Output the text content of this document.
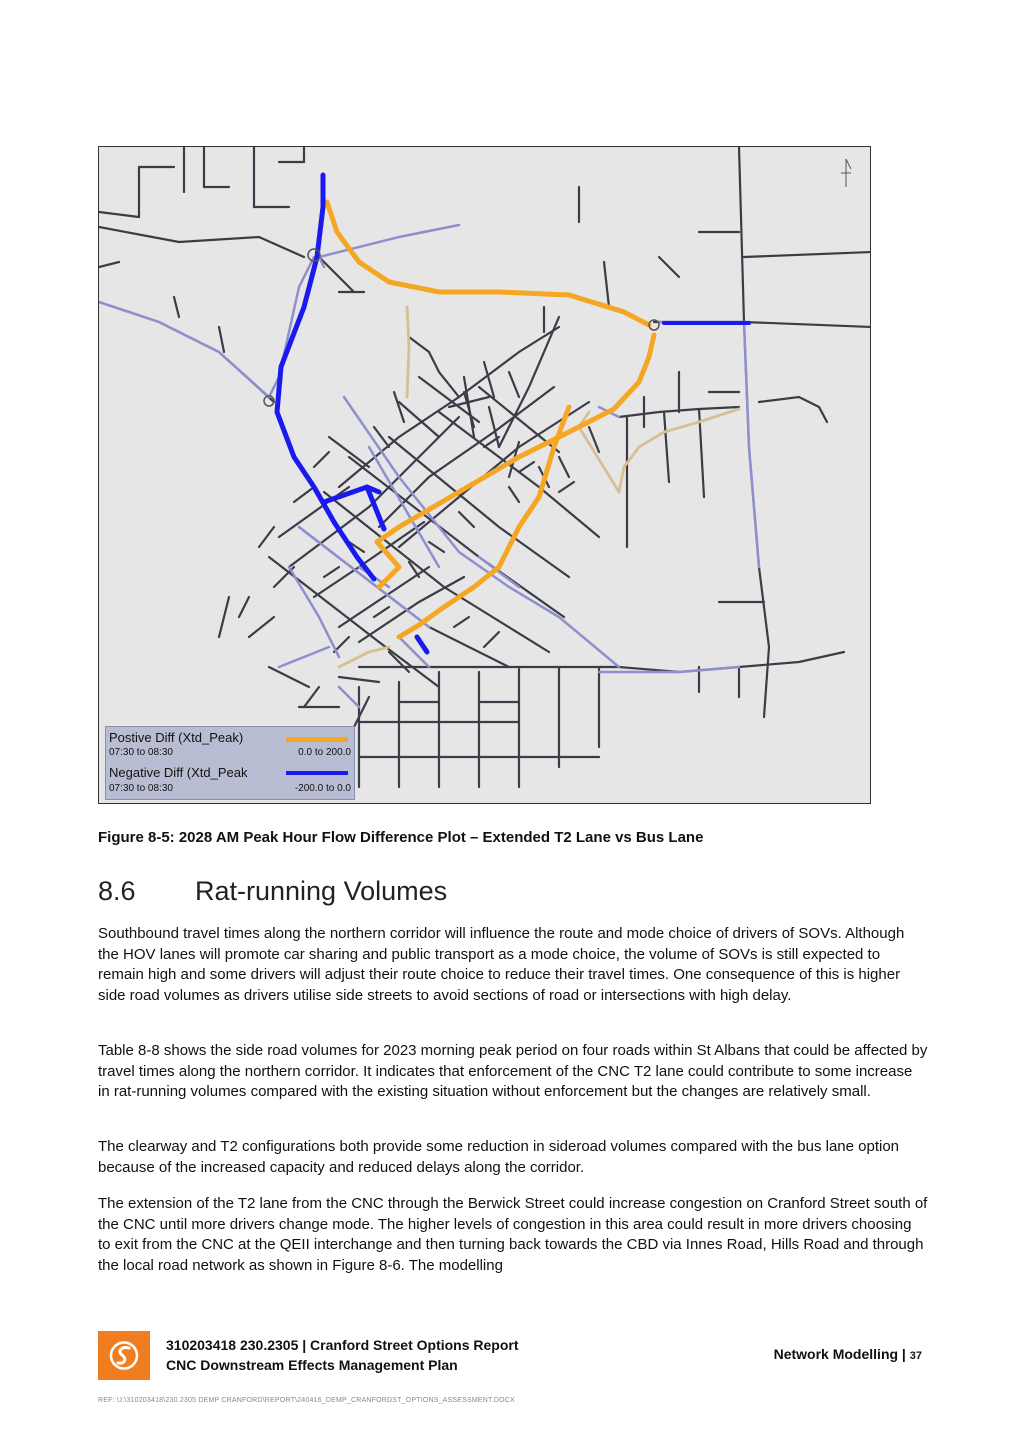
Postive Diff (Xtd_Peak)
07:30 to 08:30	0.0 to 200.0
Negative Diff (Xtd_Peak
07:30 to 08:30	-200.0 to 0.0
Figure 8-5: 2028 AM Peak Hour Flow Difference Plot – Extended T2 Lane vs Bus Lane
8.6 Rat-running Volumes

Southbound travel times along the northern corridor will influence the route and mode choice of drivers of SOVs. Although the HOV lanes will promote car sharing and public transport as a mode choice, the volume of SOVs is still expected to remain high and some drivers will adjust their route choice to reduce their travel times. One consequence of this is higher side road volumes as drivers utilise side streets to avoid sections of road or intersections with high delay.

Table 8-8 shows the side road volumes for 2023 morning peak period on four roads within St Albans that could be affected by travel times along the northern corridor. It indicates that enforcement of the CNC T2 lane could contribute to some increase in rat-running volumes compared with the existing situation without enforcement but the changes are relatively small.

The clearway and T2 configurations both provide some reduction in sideroad volumes compared with the bus lane option because of the increased capacity and reduced delays along the corridor.

The extension of the T2 lane from the CNC through the Berwick Street could increase congestion on Cranford Street south of the CNC until more drivers change mode. The higher levels of congestion in this area could result in more drivers choosing to exit from the CNC at the QEII interchange and then turning back towards the CBD via Innes Road, Hills Road and through the local road network as shown in Figure 8-6. The modelling

310203418 230.2305 | Cranford Street Options Report
CNC Downstream Effects Management Plan
Network Modelling | 37
REF: U:\310203418\230.2305 DEMP CRANFORD\REPORT\240416_DEMP_CRANFORDST_OPTIONS_ASSESSMENT.DOCX
